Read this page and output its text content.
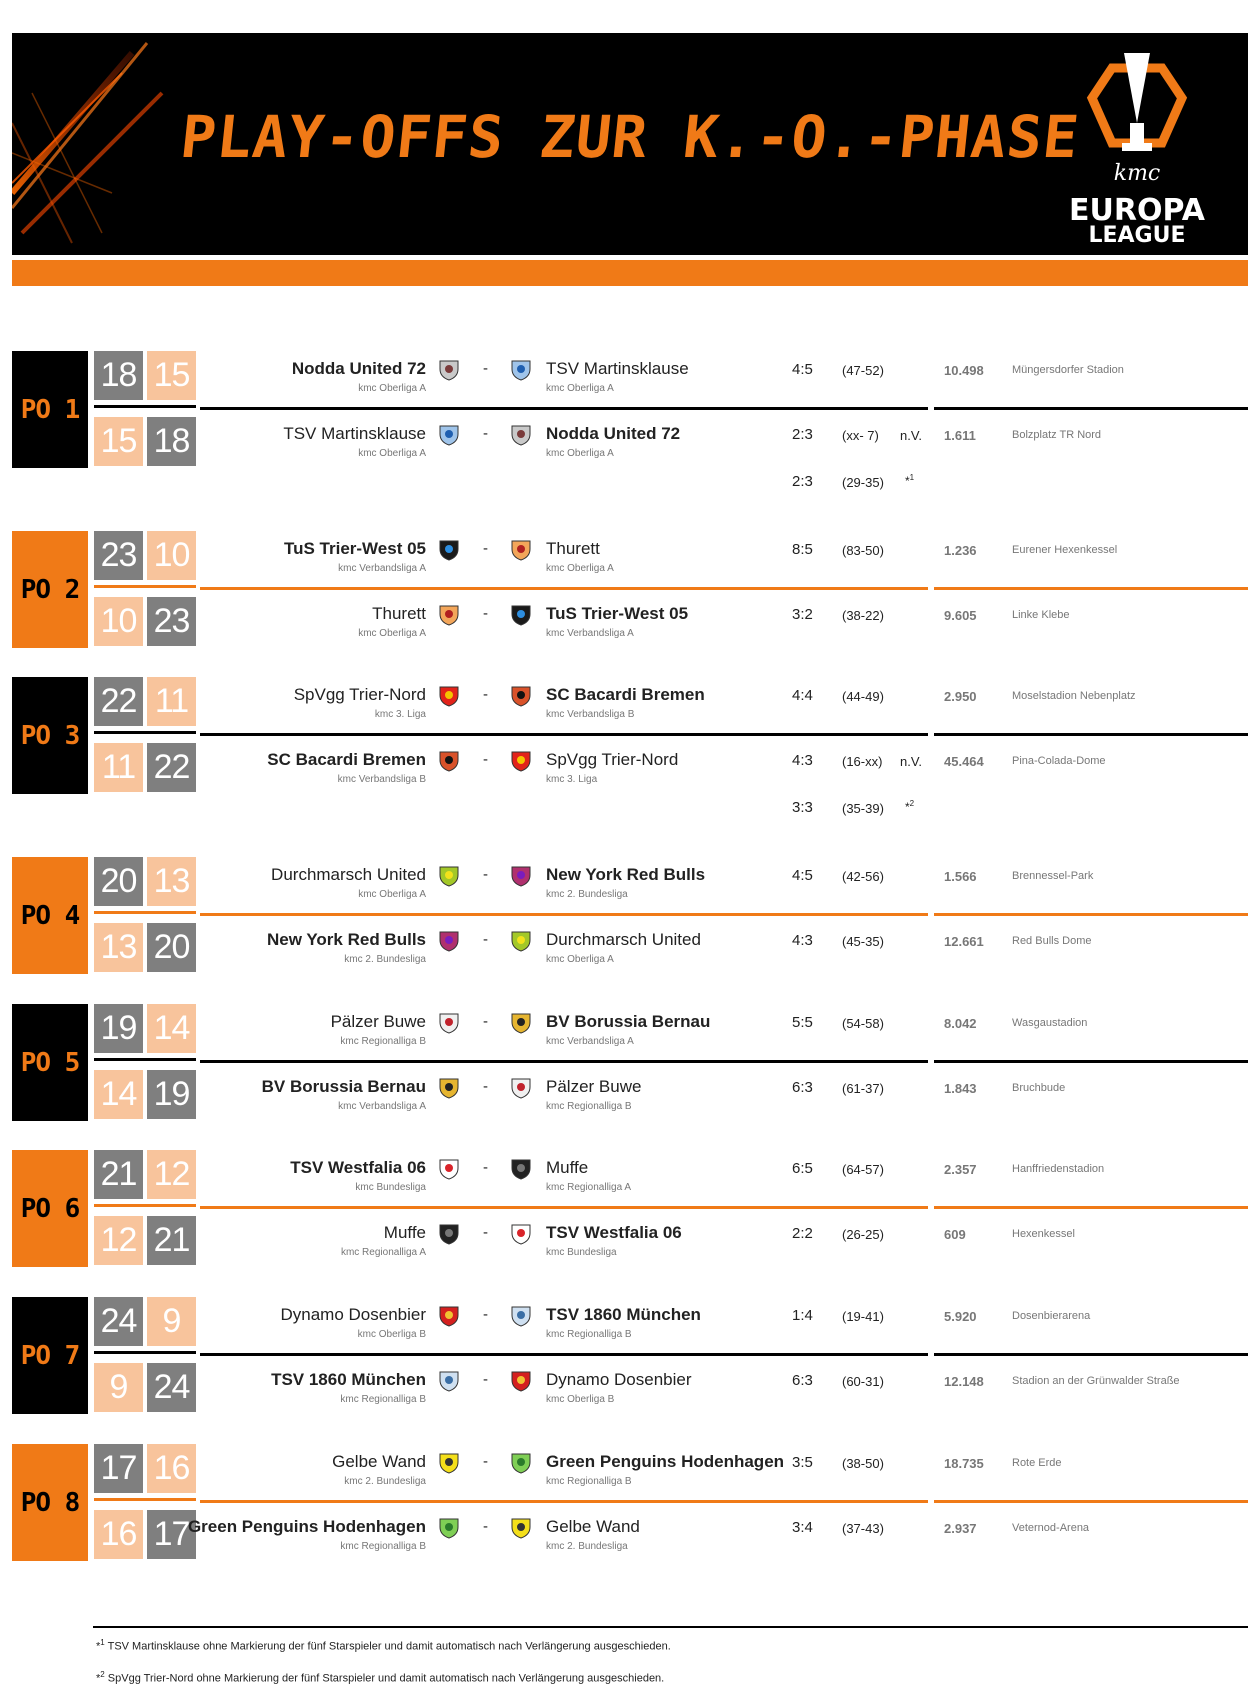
PLAY-OFFS ZUR K.-O.-PHASE
kmc
EUROPA
LEAGUE
PO 1
18 15
15 18
Nodda United 72
kmc Oberliga A
-	TSV Martinsklause
kmc Oberliga A
4:5 (47-52)	10.498	Müngersdorfer Stadion
TSV Martinsklause
kmc Oberliga A
-	Nodda United 72
kmc Oberliga A
2:3 (xx- 7) n.V. 1.611	Bolzplatz TR Nord
2:3 (29-35) *$^1$
PO 2
23 10
10 23
TuS Trier-West 05
kmc Verbandsliga A
-	Thurett
kmc Oberliga A
8:5 (83-50)	1.236	Eurener Hexenkessel
Thurett
kmc Oberliga A
-	TuS Trier-West 05
kmc Verbandsliga A
3:2 (38-22)	9.605	Linke Klebe
PO 3
22 11
11 22
SpVgg Trier-Nord
kmc 3. Liga
-	SC Bacardi Bremen
kmc Verbandsliga B
4:4 (44-49)	2.950	Moselstadion Nebenplatz
SC Bacardi Bremen
kmc Verbandsliga B
-	SpVgg Trier-Nord
kmc 3. Liga
4:3 (16-xx) n.V. 45.464	Pina-Colada-Dome
3:3 (35-39) *$^2$
PO 4
20 13
13 20
Durchmarsch United
kmc Oberliga A
-	New York Red Bulls
kmc 2. Bundesliga
4:5 (42-56)	1.566	Brennessel-Park
New York Red Bulls
kmc 2. Bundesliga
-	Durchmarsch United
kmc Oberliga A
4:3 (45-35)	12.661	Red Bulls Dome
PO 5
19 14
14 19
Pälzer Buwe
kmc Regionalliga B
-	BV Borussia Bernau
kmc Verbandsliga A
5:5 (54-58)	8.042	Wasgaustadion
BV Borussia Bernau
kmc Verbandsliga A
-	Pälzer Buwe
kmc Regionalliga B
6:3 (61-37)	1.843	Bruchbude
PO 6
21 12
12 21
TSV Westfalia 06
kmc Bundesliga
-	Muffe
kmc Regionalliga A
6:5 (64-57)	2.357	Hanffriedenstadion
Muffe
kmc Regionalliga A
-	TSV Westfalia 06
kmc Bundesliga
2:2 (26-25)	609	Hexenkessel
PO 7
24 9
9 24
Dynamo Dosenbier
kmc Oberliga B
-	TSV 1860 München
kmc Regionalliga B
1:4 (19-41)	5.920	Dosenbierarena
TSV 1860 München
kmc Regionalliga B
-	Dynamo Dosenbier
kmc Oberliga B
6:3 (60-31)	12.148	Stadion an der Grünwalder Straße
PO 8
17 16
16 17
Gelbe Wand
kmc 2. Bundesliga
-	Green Penguins Hodenhagen
kmc Regionalliga B
3:5 (38-50)	18.735	Rote Erde
Green Penguins Hodenhagen
kmc Regionalliga B
-	Gelbe Wand
kmc 2. Bundesliga
3:4 (37-43)	2.937	Veternod-Arena
*$^1$ TSV Martinsklause ohne Markierung der fünf Starspieler und damit automatisch nach Verlängerung ausgeschieden.
*$^2$ SpVgg Trier-Nord ohne Markierung der fünf Starspieler und damit automatisch nach Verlängerung ausgeschieden.
